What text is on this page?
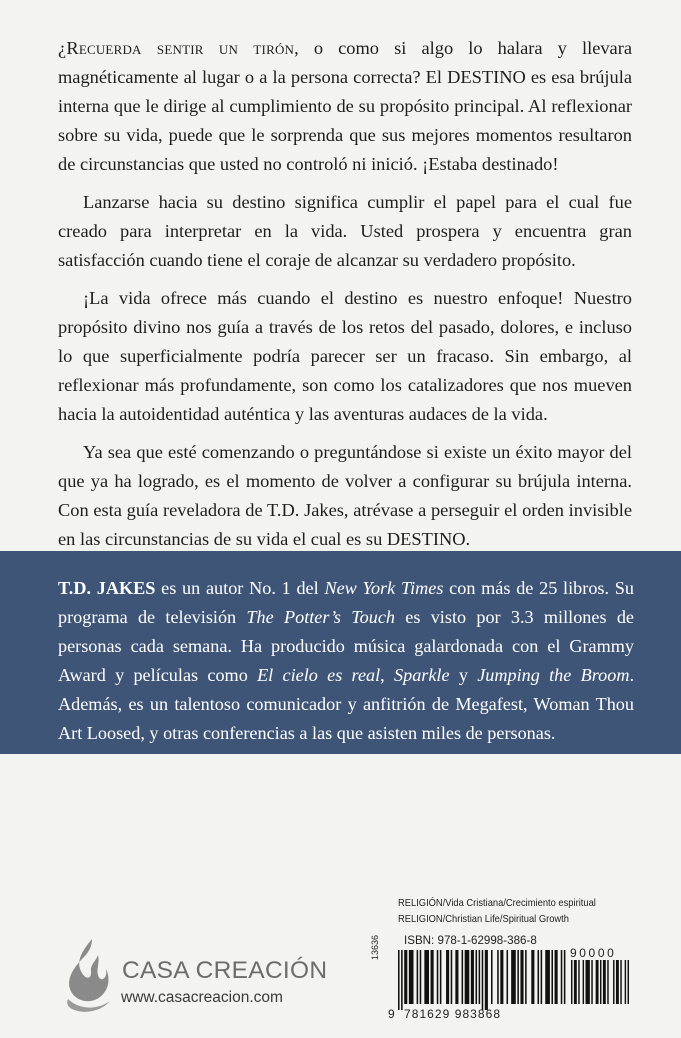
¿Recuerda sentir un tirón, o como si algo lo halara y llevara magnéticamente al lugar o a la persona correcta? El DESTINO es esa brújula interna que le dirige al cumplimiento de su propósito principal. Al reflexionar sobre su vida, puede que le sorprenda que sus mejores momentos resultaron de circunstancias que usted no controló ni inició. ¡Estaba destinado!

Lanzarse hacia su destino significa cumplir el papel para el cual fue creado para interpretar en la vida. Usted prospera y encuentra gran satisfacción cuando tiene el coraje de alcanzar su verdadero propósito.

¡La vida ofrece más cuando el destino es nuestro enfoque! Nuestro propósito divino nos guía a través de los retos del pasado, dolores, e incluso lo que superficialmente podría parecer ser un fracaso. Sin embargo, al reflexionar más profundamente, son como los catalizadores que nos mueven hacia la autoidentidad auténtica y las aventuras audaces de la vida.

Ya sea que esté comenzando o preguntándose si existe un éxito mayor del que ya ha logrado, es el momento de volver a configurar su brújula interna. Con esta guía reveladora de T.D. Jakes, atrévase a perseguir el orden invisible en las circunstancias de su vida el cual es su DESTINO.

T.D. JAKES es un autor No. 1 del New York Times con más de 25 libros. Su programa de televisión The Potter’s Touch es visto por 3.3 millones de personas cada semana. Ha producido música galardonada con el Grammy Award y películas como El cielo es real, Sparkle y Jumping the Broom. Además, es un talentoso comunicador y anfitrión de Megafest, Woman Thou Art Loosed, y otras conferencias a las que asisten miles de personas.
RELIGIÓN/Vida Cristiana/Crecimiento espiritual
RELIGION/Christian Life/Spiritual Growth
CASA CREACIÓN
www.casacreacion.com
13636 ISBN: 978-1-62998-386-8
90000
9 781629 983868
